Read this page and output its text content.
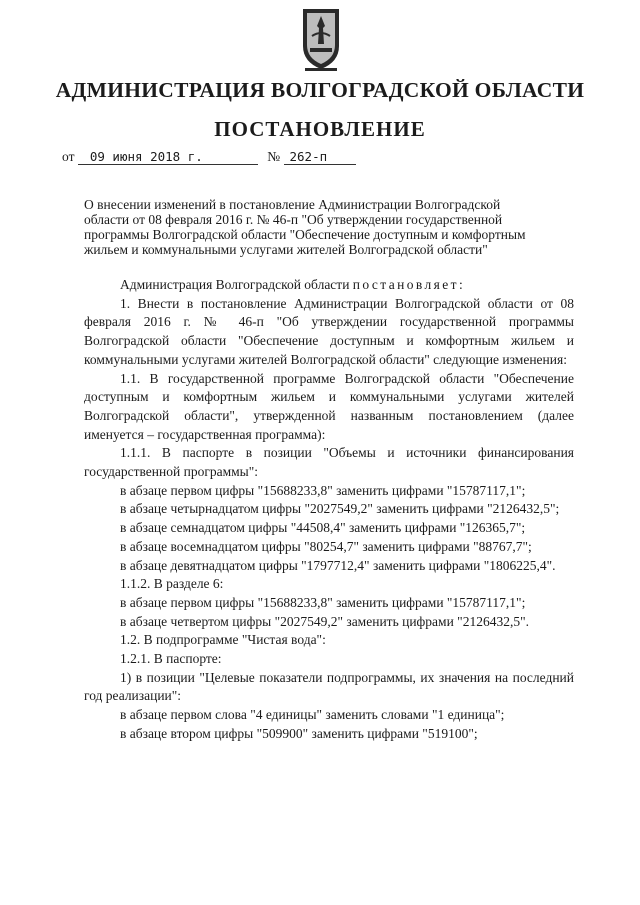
АДМИНИСТРАЦИЯ ВОЛГОГРАДСКОЙ ОБЛАСТИ
ПОСТАНОВЛЕНИЕ
от 09 июня 2018 г.	№ 262-п
О внесении изменений в постановление Администрации Волгоградской
области от 08 февраля 2016 г. № 46-п "Об утверждении государственной
программы Волгоградской области "Обеспечение доступным и комфортным
жильем и коммунальными услугами жителей Волгоградской области"

Администрация Волгоградской области постановляет:

1. Внести в постановление Администрации Волгоградской области от 08 февраля 2016 г. № 46-п "Об утверждении государственной программы Волгоградской области "Обеспечение доступным и комфортным жильем и коммунальными услугами жителей Волгоградской области" следующие изменения:

1.1. В государственной программе Волгоградской области "Обеспечение доступным и комфортным жильем и коммунальными услугами жителей Волгоградской области", утвержденной названным постановлением (далее именуется – государственная программа):

1.1.1. В паспорте в позиции "Объемы и источники финансирования государственной программы":

в абзаце первом цифры "15688233,8" заменить цифрами "15787117,1";

в абзаце четырнадцатом цифры "2027549,2" заменить цифрами "2126432,5";

в абзаце семнадцатом цифры "44508,4" заменить цифрами "126365,7";

в абзаце восемнадцатом цифры "80254,7" заменить цифрами "88767,7";

в абзаце девятнадцатом цифры "1797712,4" заменить цифрами "1806225,4".

1.1.2. В разделе 6:

в абзаце первом цифры "15688233,8" заменить цифрами "15787117,1";

в абзаце четвертом цифры "2027549,2" заменить цифрами "2126432,5".

1.2. В подпрограмме "Чистая вода":

1.2.1. В паспорте:

1) в позиции "Целевые показатели подпрограммы, их значения на последний год реализации":

в абзаце первом слова "4 единицы" заменить словами "1 единица";

в абзаце втором цифры "509900" заменить цифрами "519100";
